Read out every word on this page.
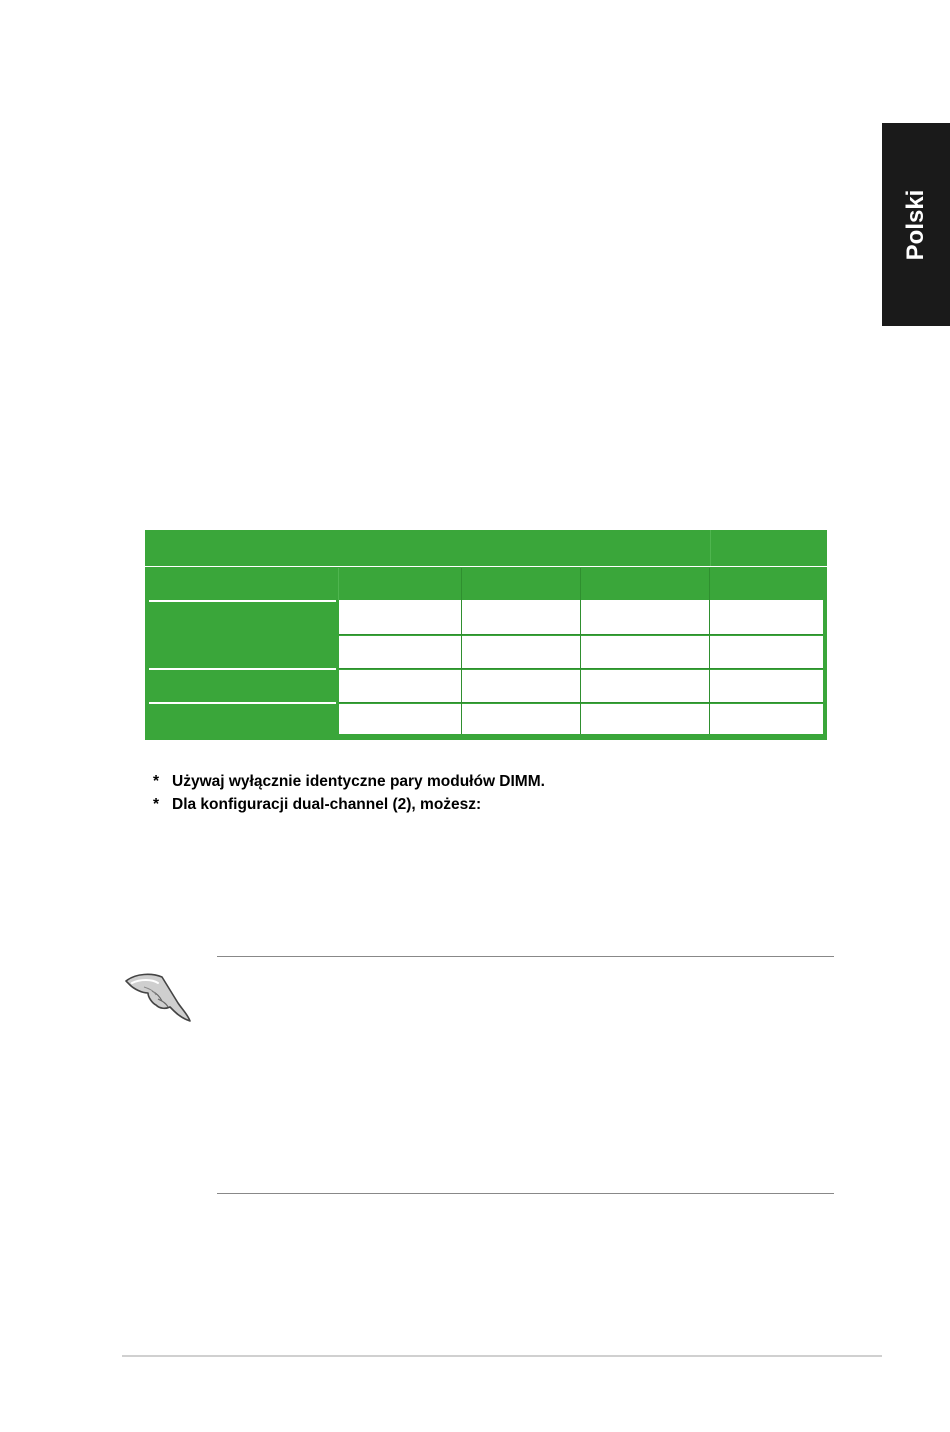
Polski
* Używaj wyłącznie identyczne pary modułów DIMM.
* Dla konfiguracji dual-channel (2), możesz:
